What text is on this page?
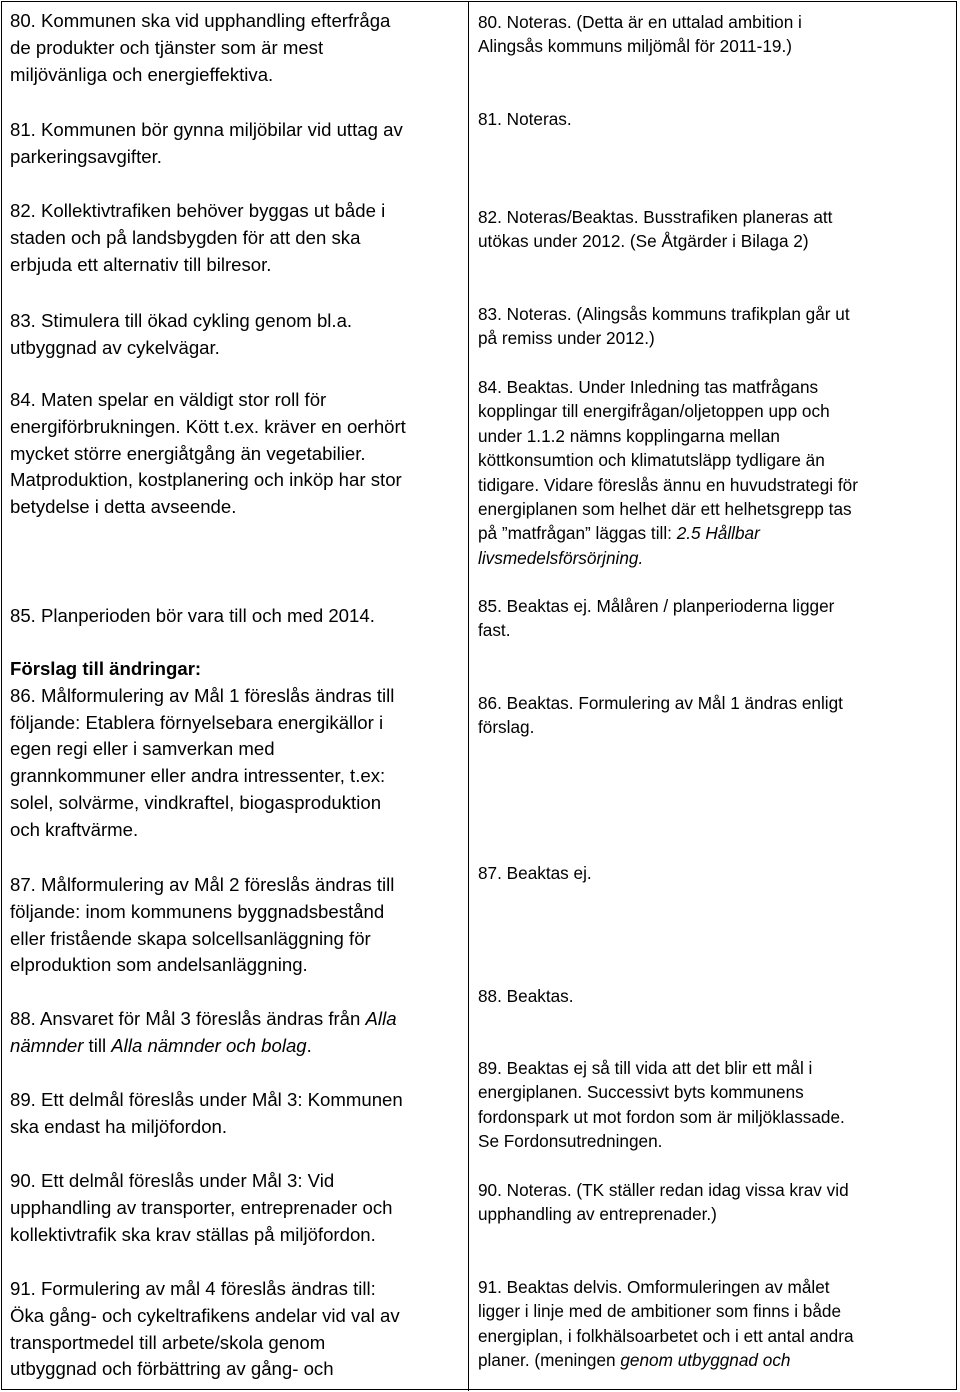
80. Kommunen ska vid upphandling efterfråga
de produkter och tjänster som är mest
miljövänliga och energieffektiva.
81. Kommunen bör gynna miljöbilar vid uttag av
parkeringsavgifter.
82. Kollektivtrafiken behöver byggas ut både i
staden och på landsbygden för att den ska
erbjuda ett alternativ till bilresor.
83. Stimulera till ökad cykling genom bl.a.
utbyggnad av cykelvägar.
84. Maten spelar en väldigt stor roll för
energiförbrukningen. Kött t.ex. kräver en oerhört
mycket större energiåtgång än vegetabilier.
Matproduktion, kostplanering och inköp har stor
betydelse i detta avseende.
85. Planperioden bör vara till och med 2014.
Förslag till ändringar:
86. Målformulering av Mål 1 föreslås ändras till
följande: Etablera förnyelsebara energikällor i
egen regi eller i samverkan med
grannkommuner eller andra intressenter, t.ex:
solel, solvärme, vindkraftel, biogasproduktion
och kraftvärme.
87. Målformulering av Mål 2 föreslås ändras till
följande: inom kommunens byggnadsbestånd
eller fristående skapa solcellsanläggning för
elproduktion som andelsanläggning.
88. Ansvaret för Mål 3 föreslås ändras från Alla
nämnder till Alla nämnder och bolag.
89. Ett delmål föreslås under Mål 3: Kommunen
ska endast ha miljöfordon.
90. Ett delmål föreslås under Mål 3: Vid
upphandling av transporter, entreprenader och
kollektivtrafik ska krav ställas på miljöfordon.
91. Formulering av mål 4 föreslås ändras till:
Öka gång- och cykeltrafikens andelar vid val av
transportmedel till arbete/skola genom
utbyggnad och förbättring av gång- och
80. Noteras. (Detta är en uttalad ambition i
Alingsås kommuns miljömål för 2011-19.)
81. Noteras.
82. Noteras/Beaktas. Busstrafiken planeras att
utökas under 2012. (Se Åtgärder i Bilaga 2)
83. Noteras. (Alingsås kommuns trafikplan går ut
på remiss under 2012.)
84. Beaktas. Under Inledning tas matfrågans
kopplingar till energifrågan/oljetoppen upp och
under 1.1.2 nämns kopplingarna mellan
köttkonsumtion och klimatutsläpp tydligare än
tidigare. Vidare föreslås ännu en huvudstrategi för
energiplanen som helhet där ett helhetsgrepp tas
på ”matfrågan” läggas till: 2.5 Hållbar
livsmedelsförsörjning.
85. Beaktas ej. Målåren / planperioderna ligger
fast.
86. Beaktas. Formulering av Mål 1 ändras enligt
förslag.
87. Beaktas ej.
88. Beaktas.
89. Beaktas ej så till vida att det blir ett mål i
energiplanen. Successivt byts kommunens
fordonspark ut mot fordon som är miljöklassade.
Se Fordonsutredningen.
90. Noteras. (TK ställer redan idag vissa krav vid
upphandling av entreprenader.)
91. Beaktas delvis. Omformuleringen av målet
ligger i linje med de ambitioner som finns i både
energiplan, i folkhälsoarbetet och i ett antal andra
planer. (meningen genom utbyggnad och
